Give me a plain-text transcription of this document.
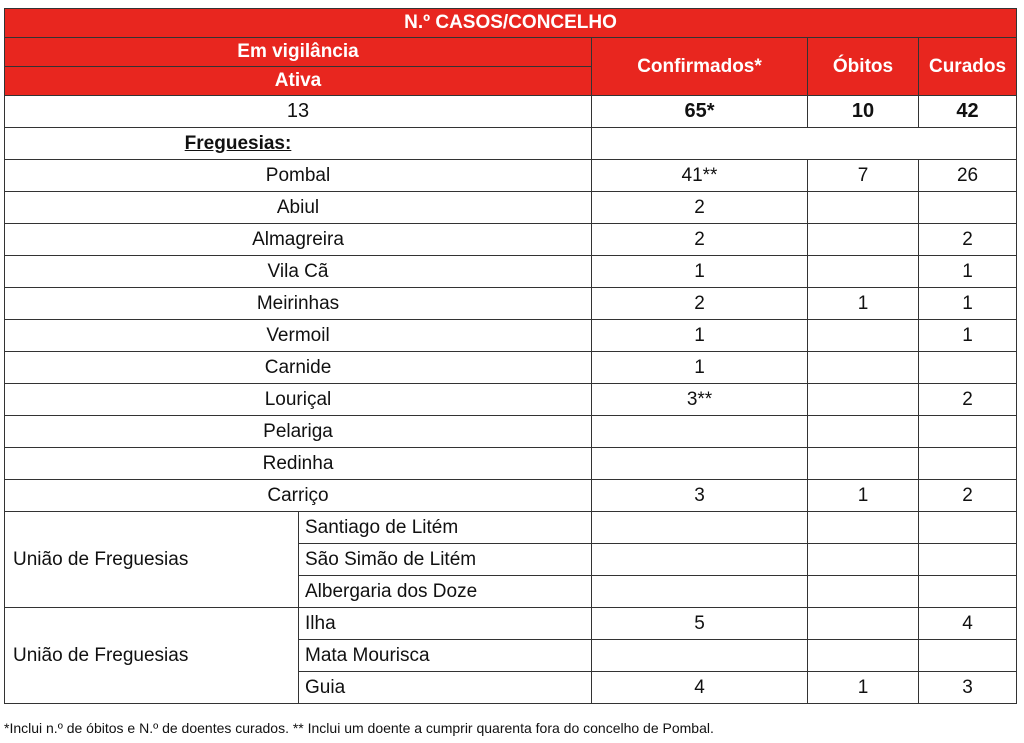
N.º CASOS/CONCELHO				
Em vigilância		Confirmados*	Óbitos	Curados
Ativa				
13		65*	10	42
Freguesias:				
Pombal		41**	7	26
Abiul		2		
Almagreira		2		2
Vila Cã		1		1
Meirinhas		2	1	1
Vermoil		1		1
Carnide		1		
Louriçal		3**		2
Pelariga				
Redinha				
Carriço		3	1	2
União de Freguesias	Santiago de Litém			
	São Simão de Litém			
	Albergaria dos Doze			
União de Freguesias	Ilha	5		4
	Mata Mourisca			
	Guia	4	1	3
*Inclui n.º de óbitos e N.º de doentes curados. ** Inclui um doente a cumprir quarenta fora do concelho de Pombal.
